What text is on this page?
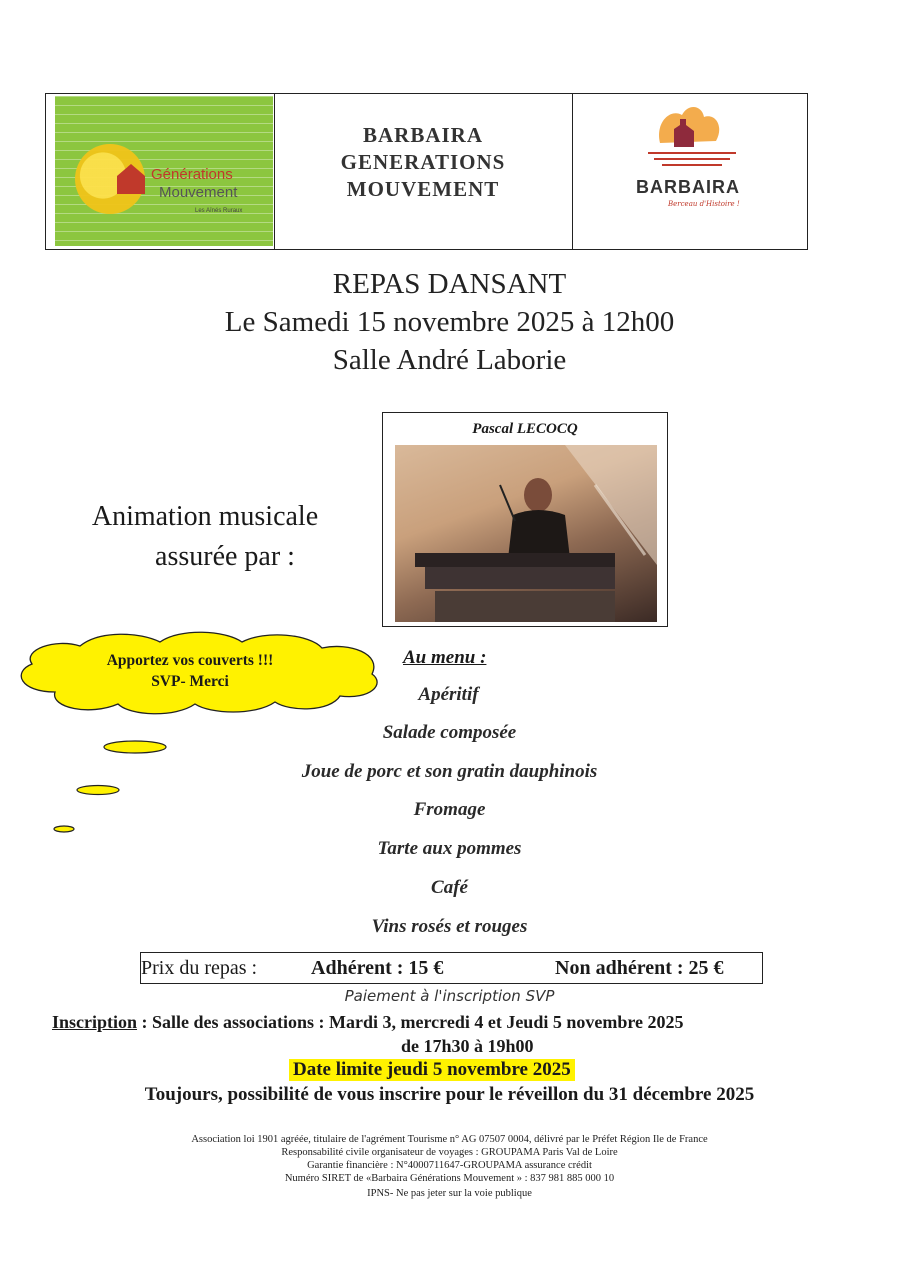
Générations
Mouvement
Les Aînés Ruraux
BARBAIRA
GENERATIONS
MOUVEMENT	BARBAIRA
Berceau d'Histoire !
REPAS DANSANT
Le Samedi 15 novembre 2025 à 12h00
Salle André Laborie
Animation musicale
assurée par :
Pascal LECOCQ
Apportez vos couverts !!!
SVP- Merci
Au menu :
Apéritif
Salade composée
Joue de porc et son gratin dauphinois
Fromage
Tarte aux pommes
Café
Vins rosés et rouges
Prix du repas :	Adhérent : 15 €	Non adhérent : 25 €
Paiement à l'inscription SVP
Inscription : Salle des associations : Mardi 3, mercredi 4 et Jeudi 5 novembre 2025
de 17h30 à 19h00
Date limite jeudi 5 novembre 2025
Toujours, possibilité de vous inscrire pour le réveillon du 31 décembre 2025
Association loi 1901 agréée, titulaire de l'agrément Tourisme n° AG 07507 0004, délivré par le Préfet Région Ile de France
Responsabilité civile organisateur de voyages : GROUPAMA Paris Val de Loire
Garantie financière : N°4000711647-GROUPAMA assurance crédit
Numéro SIRET de «Barbaira Générations Mouvement » : 837 981 885 000 10
IPNS- Ne pas jeter sur la voie publique
